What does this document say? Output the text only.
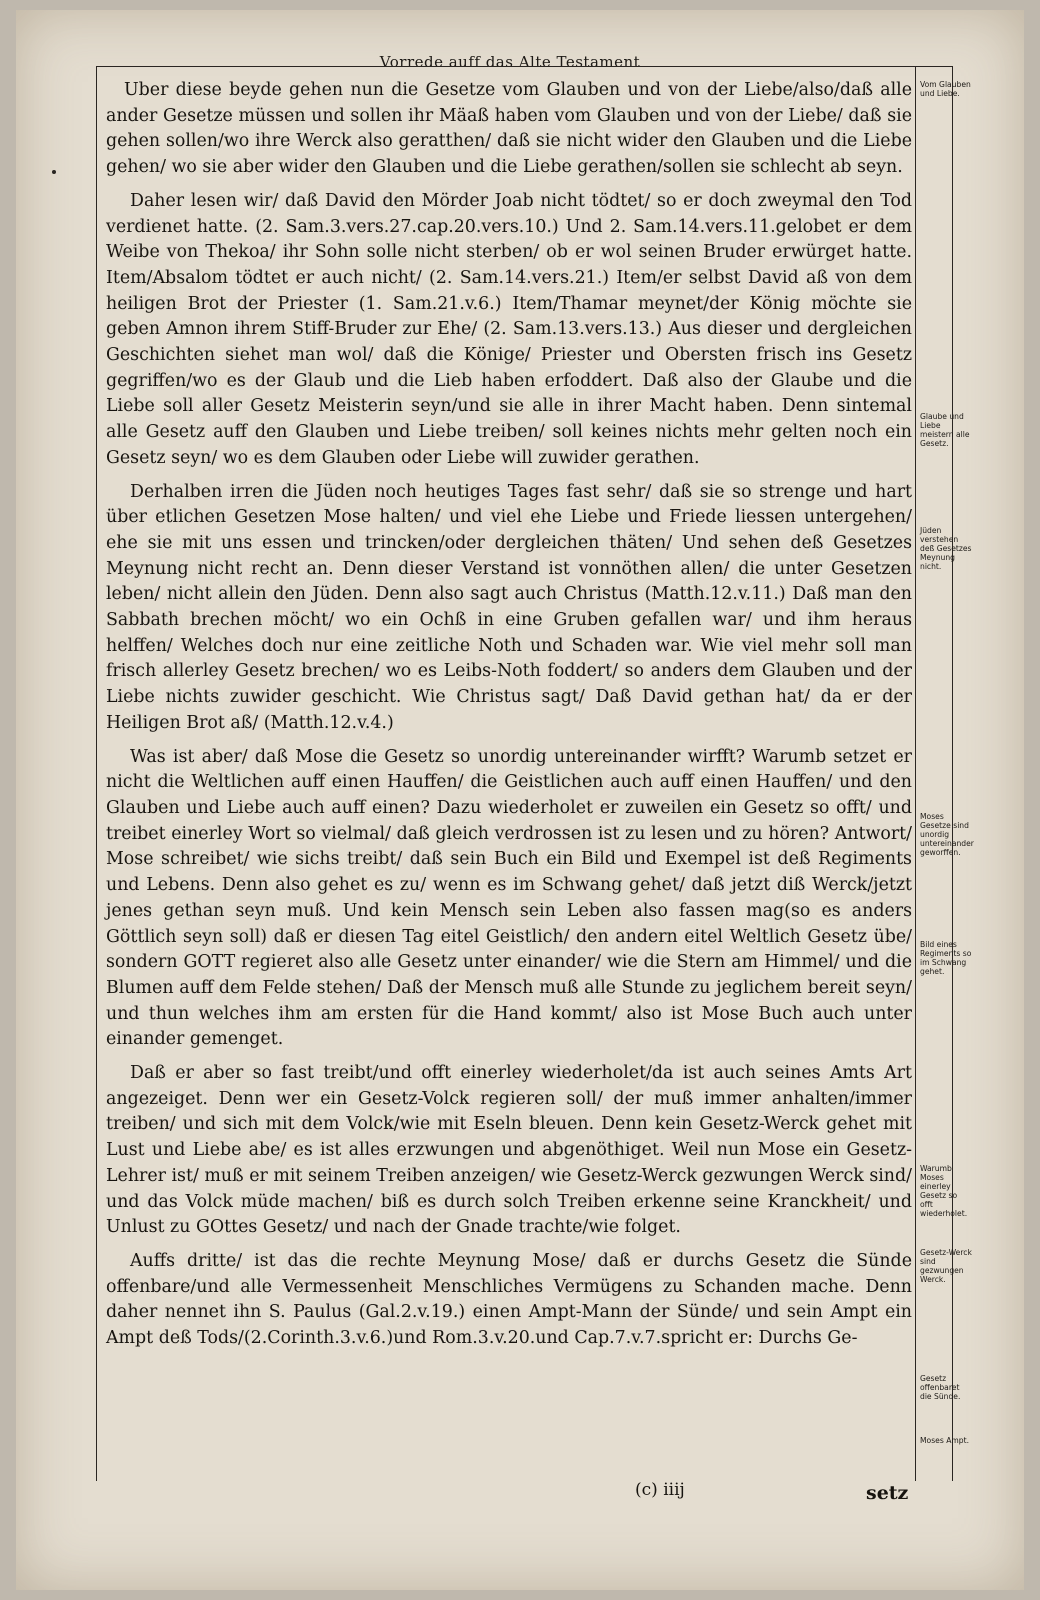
Vorrede auff das Alte Testament

Uber diese beyde gehen nun die Gesetze vom Glauben und von der Liebe/also/daß alle ander Gesetze müssen und sollen ihr Mäaß haben vom Glauben und von der Liebe/ daß sie gehen sollen/wo ihre Werck also geratthen/ daß sie nicht wider den Glauben und die Liebe gehen/ wo sie aber wider den Glauben und die Liebe gerathen/sollen sie schlecht ab seyn.

Daher lesen wir/ daß David den Mörder Joab nicht tödtet/ so er doch zweymal den Tod verdienet hatte. (2. Sam.3.vers.27.cap.20.vers.10.) Und 2. Sam.14.vers.11.gelobet er dem Weibe von Thekoa/ ihr Sohn solle nicht sterben/ ob er wol seinen Bruder erwürget hatte. Item/Absalom tödtet er auch nicht/ (2. Sam.14.vers.21.) Item/er selbst David aß von dem heiligen Brot der Priester (1. Sam.21.v.6.) Item/Thamar meynet/der König möchte sie geben Amnon ihrem Stiff-Bruder zur Ehe/ (2. Sam.13.vers.13.) Aus dieser und dergleichen Geschichten siehet man wol/ daß die Könige/ Priester und Obersten frisch ins Gesetz gegriffen/wo es der Glaub und die Lieb haben erfoddert. Daß also der Glaube und die Liebe soll aller Gesetz Meisterin seyn/und sie alle in ihrer Macht haben. Denn sintemal alle Gesetz auff den Glauben und Liebe treiben/ soll keines nichts mehr gelten noch ein Gesetz seyn/ wo es dem Glauben oder Liebe will zuwider gerathen.

Derhalben irren die Jüden noch heutiges Tages fast sehr/ daß sie so strenge und hart über etlichen Gesetzen Mose halten/ und viel ehe Liebe und Friede liessen untergehen/ ehe sie mit uns essen und trincken/oder dergleichen thäten/ Und sehen deß Gesetzes Meynung nicht recht an. Denn dieser Verstand ist vonnöthen allen/ die unter Gesetzen leben/ nicht allein den Jüden. Denn also sagt auch Christus (Matth.12.v.11.) Daß man den Sabbath brechen möcht/ wo ein Ochß in eine Gruben gefallen war/ und ihm heraus helffen/ Welches doch nur eine zeitliche Noth und Schaden war. Wie viel mehr soll man frisch allerley Gesetz brechen/ wo es Leibs-Noth foddert/ so anders dem Glauben und der Liebe nichts zuwider geschicht. Wie Christus sagt/ Daß David gethan hat/ da er der Heiligen Brot aß/ (Matth.12.v.4.)

Was ist aber/ daß Mose die Gesetz so unordig untereinander wirfft? Warumb setzet er nicht die Weltlichen auff einen Hauffen/ die Geistlichen auch auff einen Hauffen/ und den Glauben und Liebe auch auff einen? Dazu wiederholet er zuweilen ein Gesetz so offt/ und treibet einerley Wort so vielmal/ daß gleich verdrossen ist zu lesen und zu hören? Antwort/ Mose schreibet/ wie sichs treibt/ daß sein Buch ein Bild und Exempel ist deß Regiments und Lebens. Denn also gehet es zu/ wenn es im Schwang gehet/ daß jetzt diß Werck/jetzt jenes gethan seyn muß. Und kein Mensch sein Leben also fassen mag(so es anders Göttlich seyn soll) daß er diesen Tag eitel Geistlich/ den andern eitel Weltlich Gesetz übe/ sondern GOTT regieret also alle Gesetz unter einander/ wie die Stern am Himmel/ und die Blumen auff dem Felde stehen/ Daß der Mensch muß alle Stunde zu jeglichem bereit seyn/ und thun welches ihm am ersten für die Hand kommt/ also ist Mose Buch auch unter einander gemenget.

Daß er aber so fast treibt/und offt einerley wiederholet/da ist auch seines Amts Art angezeiget. Denn wer ein Gesetz-Volck regieren soll/ der muß immer anhalten/immer treiben/ und sich mit dem Volck/wie mit Eseln bleuen. Denn kein Gesetz-Werck gehet mit Lust und Liebe abe/ es ist alles erzwungen und abgenöthiget. Weil nun Mose ein Gesetz-Lehrer ist/ muß er mit seinem Treiben anzeigen/ wie Gesetz-Werck gezwungen Werck sind/ und das Volck müde machen/ biß es durch solch Treiben erkenne seine Kranckheit/ und Unlust zu GOttes Gesetz/ und nach der Gnade trachte/wie folget.

Auffs dritte/ ist das die rechte Meynung Mose/ daß er durchs Gesetz die Sünde offenbare/und alle Vermessenheit Menschliches Vermügens zu Schanden mache. Denn daher nennet ihn S. Paulus (Gal.2.v.19.) einen Ampt-Mann der Sünde/ und sein Ampt ein Ampt deß Tods/(2.Corinth.3.v.6.)und Rom.3.v.20.und Cap.7.v.7.spricht er: Durchs Ge-

Vom Glauben und Liebe.
Glaube und Liebe meistern alle Gesetz.
Jüden verstehen deß Gesetzes Meynung nicht.
Moses Gesetze sind unordig untereinander geworffen.
Bild eines Regiments so im Schwang gehet.
Warumb Moses einerley Gesetz so offt wiederholet.
Gesetz-Werck sind gezwungen Werck.
Gesetz offenbaret die Sünde.
Moses Ampt.
(c) iiij	setz
